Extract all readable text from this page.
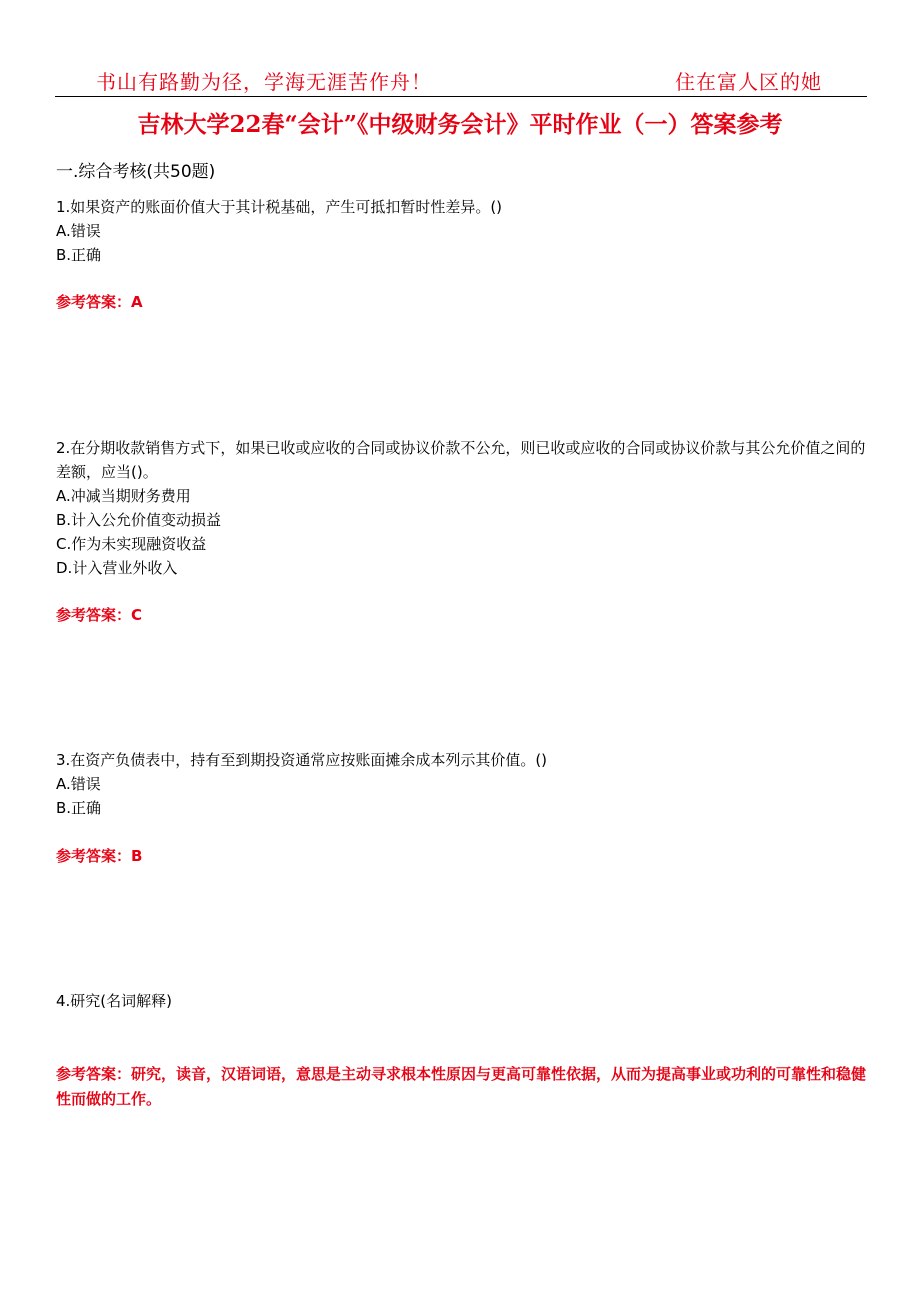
书山有路勤为径，学海无涯苦作舟！	住在富人区的她
吉林大学22春“会计”《中级财务会计》平时作业（一）答案参考
一.综合考核(共50题)

1.如果资产的账面价值大于其计税基础，产生可抵扣暂时性差异。()

A.错误

B.正确

参考答案：A

2.在分期收款销售方式下，如果已收或应收的合同或协议价款不公允，则已收或应收的合同或协议价款与其公允价值之间的差额，应当()。

A.冲减当期财务费用

B.计入公允价值变动损益

C.作为未实现融资收益

D.计入营业外收入

参考答案：C

3.在资产负债表中，持有至到期投资通常应按账面摊余成本列示其价值。()

A.错误

B.正确

参考答案：B

4.研究(名词解释)

参考答案：研究，读音，汉语词语，意思是主动寻求根本性原因与更高可靠性依据，从而为提高事业或功利的可靠性和稳健性而做的工作。
